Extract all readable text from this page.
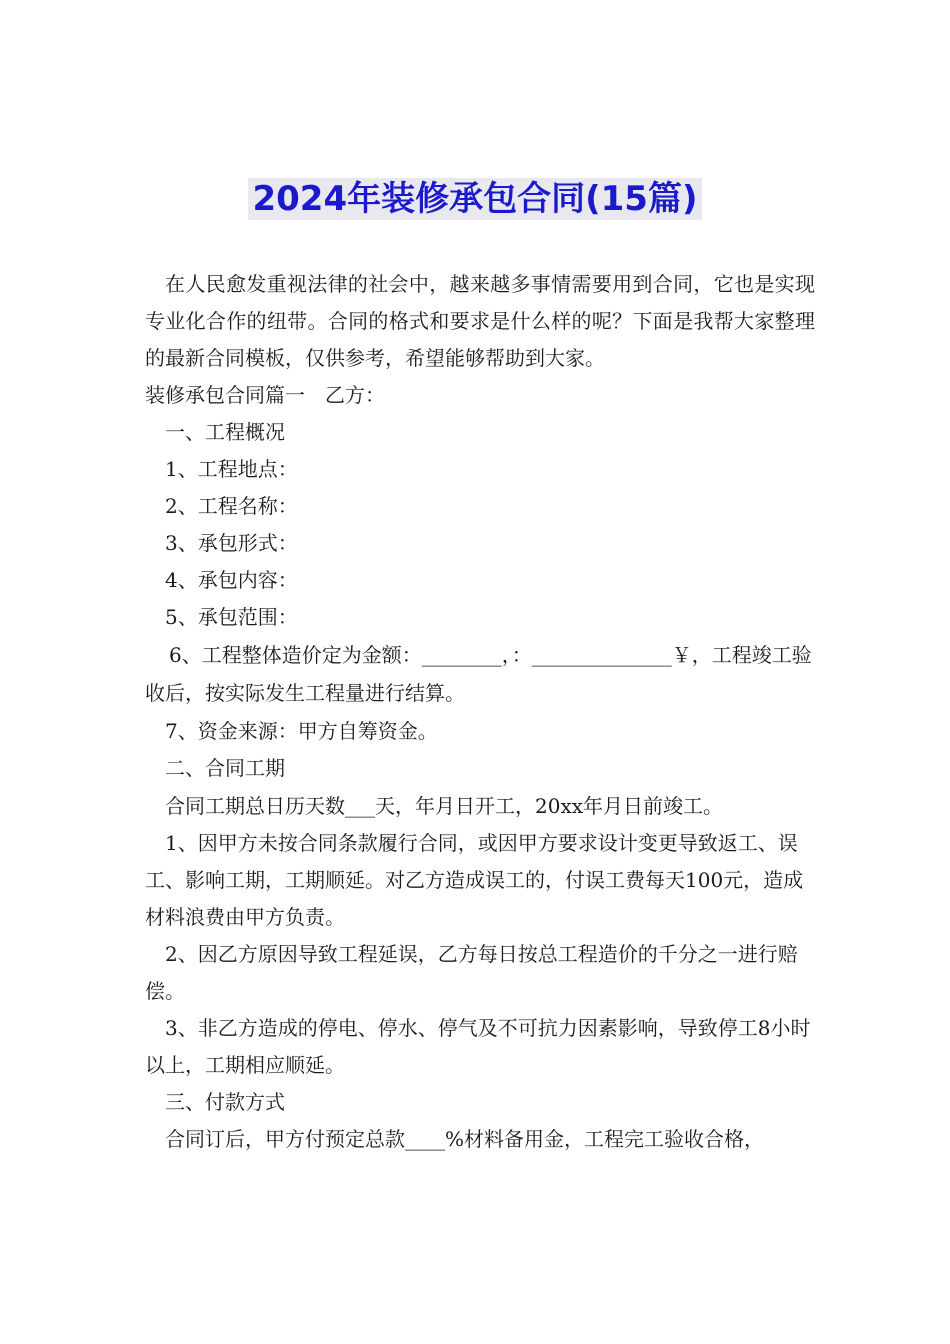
2024年装修承包合同(15篇)

在人民愈发重视法律的社会中，越来越多事情需要用到合同，它也是实现专业化合作的纽带。合同的格式和要求是什么样的呢？下面是我帮大家整理的最新合同模板，仅供参考，希望能够帮助到大家。

装修承包合同篇一　乙方：

一、工程概况

1、工程地点：

2、工程名称：

3、承包形式：

4、承包内容：

5、承包范围：

6、工程整体造价定为金额：________，：______________￥，工程竣工验收后，按实际发生工程量进行结算。

7、资金来源：甲方自筹资金。

二、合同工期

合同工期总日历天数___天，年月日开工，20xx年月日前竣工。

1、因甲方未按合同条款履行合同，或因甲方要求设计变更导致返工、误工、影响工期，工期顺延。对乙方造成误工的，付误工费每天100元，造成材料浪费由甲方负责。

2、因乙方原因导致工程延误，乙方每日按总工程造价的千分之一进行赔偿。

3、非乙方造成的停电、停水、停气及不可抗力因素影响，导致停工8小时以上，工期相应顺延。

三、付款方式

合同订后，甲方付预定总款____%材料备用金，工程完工验收合格，
